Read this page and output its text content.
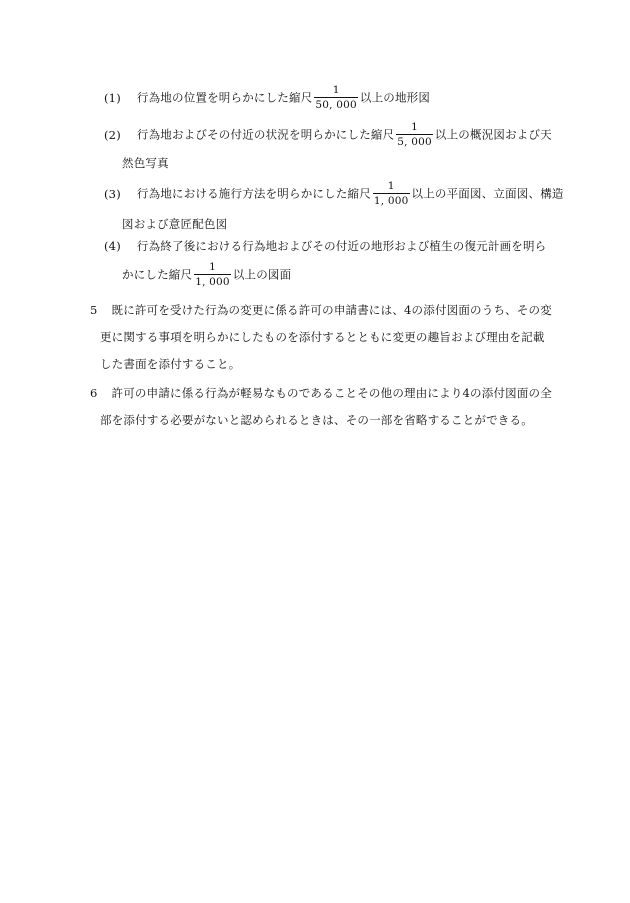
(1) 行為地の位置を明らかにした縮尺 $\frac{1}{50, 000}$ 以上の地形図
(2) 行為地およびその付近の状況を明らかにした縮尺 $\frac{1}{5, 000}$ 以上の概況図および天
然色写真
(3) 行為地における施行方法を明らかにした縮尺 $\frac{1}{1, 000}$ 以上の平面図、立面図、構造
図および意匠配色図
(4) 行為終了後における行為地およびその付近の地形および植生の復元計画を明ら
かにした縮尺 $\frac{1}{1, 000}$ 以上の図面
5 既に許可を受けた行為の変更に係る許可の申請書には、4の添付図面のうち、その変
更に関する事項を明らかにしたものを添付するとともに変更の趣旨および理由を記載
した書面を添付すること。
6 許可の申請に係る行為が軽易なものであることその他の理由により4の添付図面の全
部を添付する必要がないと認められるときは、その一部を省略することができる。
